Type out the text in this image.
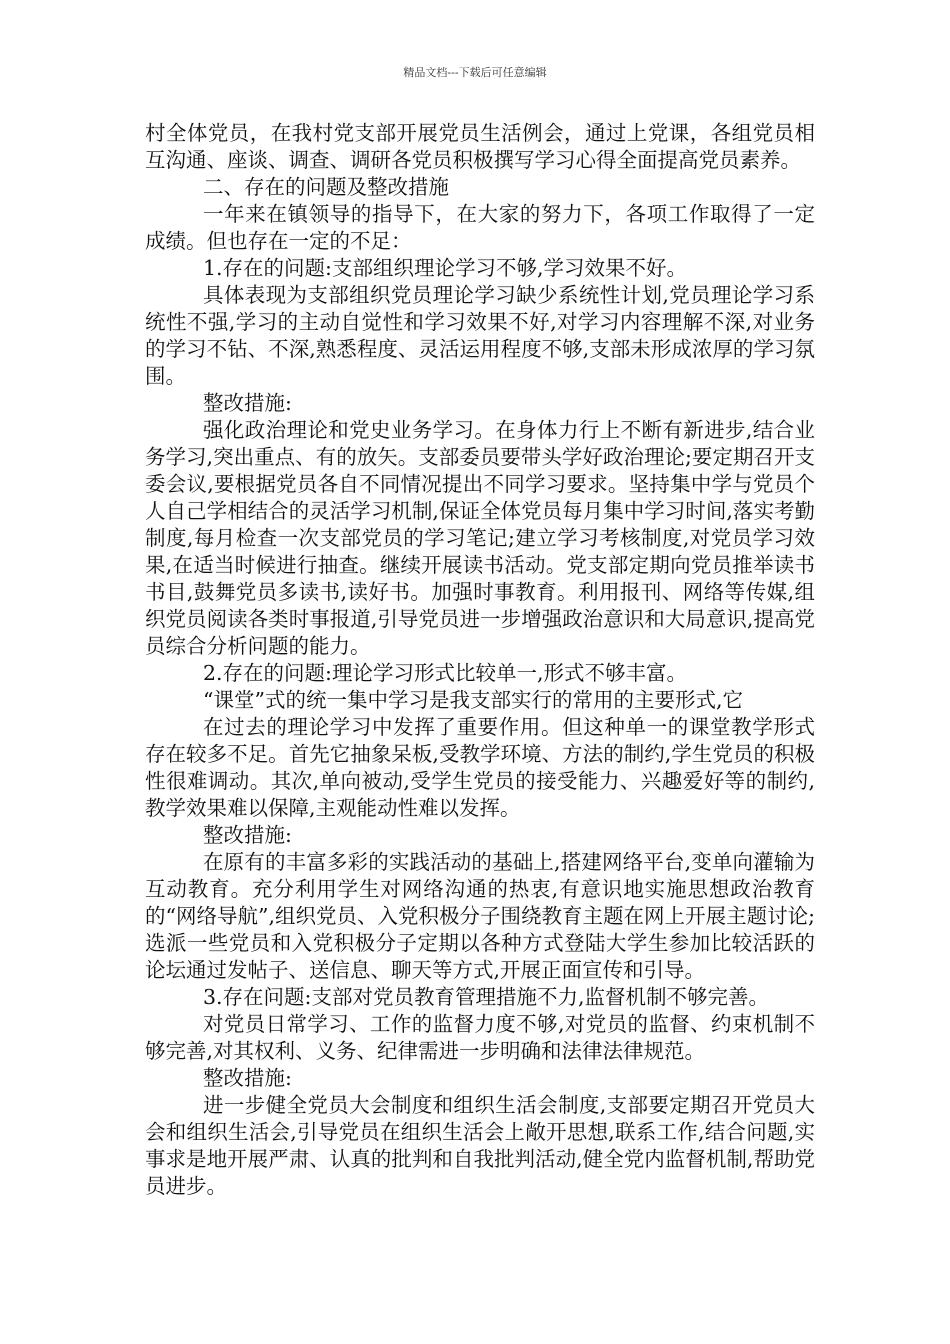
精品文档---下载后可任意编辑

村全体党员，在我村党支部开展党员生活例会，通过上党课，各组党员相互沟通、座谈、调查、调研各党员积极撰写学习心得全面提高党员素养。

二、存在的问题及整改措施

一年来在镇领导的指导下，在大家的努力下，各项工作取得了一定成绩。但也存在一定的不足：

1.存在的问题:支部组织理论学习不够,学习效果不好。

具体表现为支部组织党员理论学习缺少系统性计划,党员理论学习系统性不强,学习的主动自觉性和学习效果不好,对学习内容理解不深,对业务的学习不钻、不深,熟悉程度、灵活运用程度不够,支部未形成浓厚的学习氛围。

整改措施:

强化政治理论和党史业务学习。在身体力行上不断有新进步,结合业务学习,突出重点、有的放矢。支部委员要带头学好政治理论;要定期召开支委会议,要根据党员各自不同情况提出不同学习要求。坚持集中学与党员个人自己学相结合的灵活学习机制,保证全体党员每月集中学习时间,落实考勤制度,每月检查一次支部党员的学习笔记;建立学习考核制度,对党员学习效果,在适当时候进行抽查。继续开展读书活动。党支部定期向党员推举读书书目,鼓舞党员多读书,读好书。加强时事教育。利用报刊、网络等传媒,组织党员阅读各类时事报道,引导党员进一步增强政治意识和大局意识,提高党员综合分析问题的能力。

2.存在的问题:理论学习形式比较单一,形式不够丰富。

“课堂”式的统一集中学习是我支部实行的常用的主要形式,它

在过去的理论学习中发挥了重要作用。但这种单一的课堂教学形式存在较多不足。首先它抽象呆板,受教学环境、方法的制约,学生党员的积极性很难调动。其次,单向被动,受学生党员的接受能力、兴趣爱好等的制约,教学效果难以保障,主观能动性难以发挥。

整改措施:

在原有的丰富多彩的实践活动的基础上,搭建网络平台,变单向灌输为互动教育。充分利用学生对网络沟通的热衷,有意识地实施思想政治教育的“网络导航”,组织党员、入党积极分子围绕教育主题在网上开展主题讨论;选派一些党员和入党积极分子定期以各种方式登陆大学生参加比较活跃的论坛通过发帖子、送信息、聊天等方式,开展正面宣传和引导。

3.存在问题:支部对党员教育管理措施不力,监督机制不够完善。

对党员日常学习、工作的监督力度不够,对党员的监督、约束机制不够完善,对其权利、义务、纪律需进一步明确和法律法律规范。

整改措施:

进一步健全党员大会制度和组织生活会制度,支部要定期召开党员大会和组织生活会,引导党员在组织生活会上敞开思想,联系工作,结合问题,实事求是地开展严肃、认真的批判和自我批判活动,健全党内监督机制,帮助党员进步。
